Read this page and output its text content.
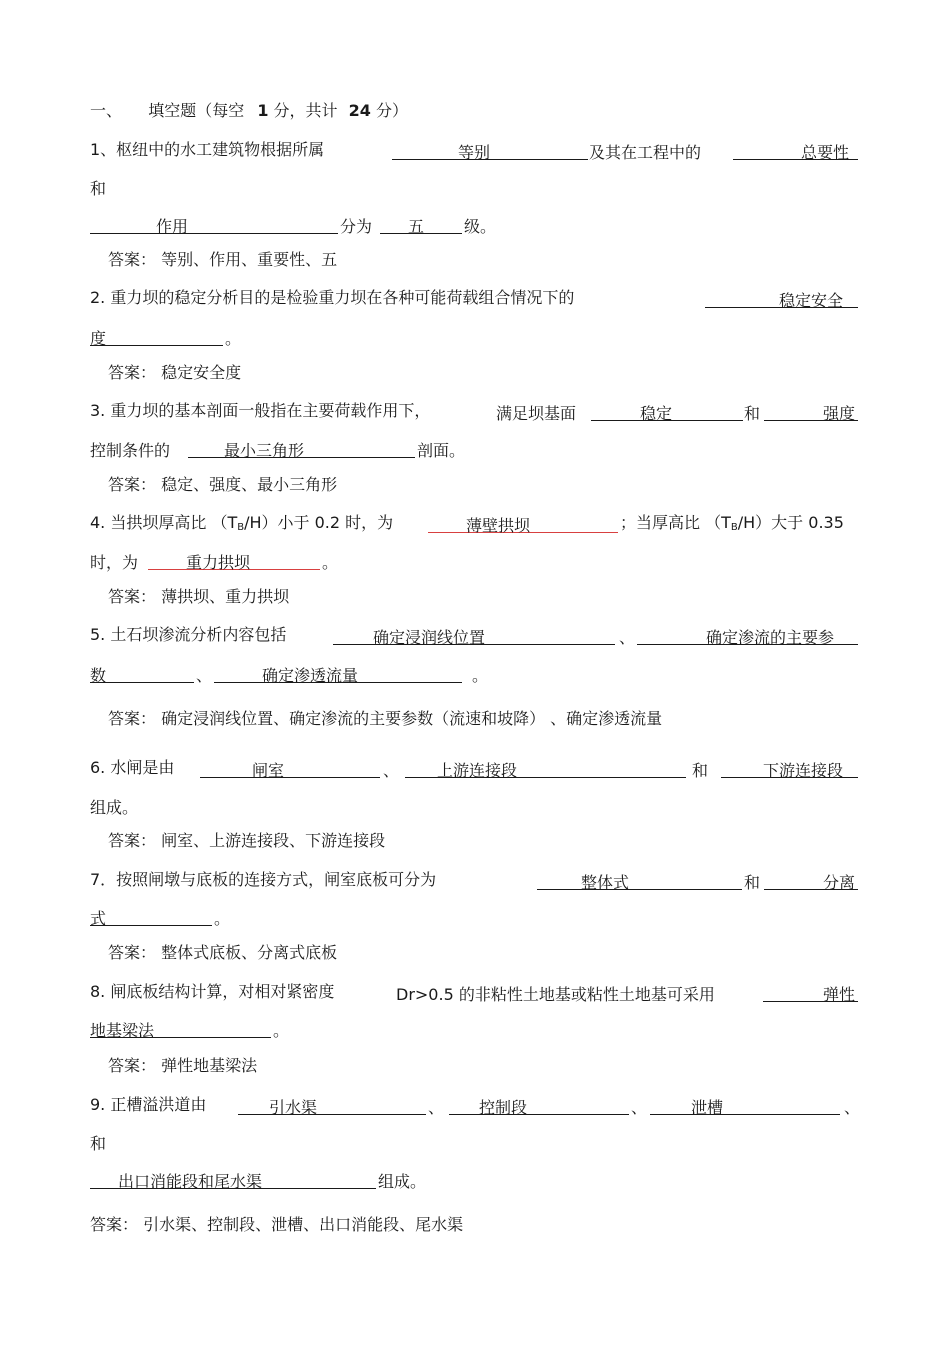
一、 填空题（每空 1 分，共计 24 分）
1、枢纽中的水工建筑物根据所属	等别	及其在工程中的	总要性
和
作用	分为	五	级。
答案： 等别、作用、重要性、五
2. 重力坝的稳定分析目的是检验重力坝在各种可能荷载组合情况下的	稳定安全
度	。
答案： 稳定安全度
3. 重力坝的基本剖面一般指在主要荷载作用下，	满足坝基面	稳定	和	强度
控制条件的	最小三角形	剖面。
答案： 稳定、强度、最小三角形
4. 当拱坝厚高比 $(T_B/H)$小于 0.2 时，为	薄壁拱坝	；当厚高比 $(T_B/H)$大于 0.35
时，为	重力拱坝	。
答案： 薄拱坝、重力拱坝
5. 土石坝渗流分析内容包括	确定浸润线位置	、	确定渗流的主要参
数	、	确定渗透流量	。
答案： 确定浸润线位置、确定渗流的主要参数（流速和坡降） 、确定渗透流量
6. 水闸是由	闸室	、	上游连接段	和	下游连接段
组成。
答案： 闸室、上游连接段、下游连接段
7．按照闸墩与底板的连接方式，闸室底板可分为	整体式	和	分离
式	。
答案： 整体式底板、分离式底板
8. 闸底板结构计算，对相对紧密度	Dr>0.5 的非粘性土地基或粘性土地基可采用	弹性
地基梁法	。
答案： 弹性地基梁法
9. 正槽溢洪道由	引水渠	、	控制段	、	泄槽	、
和
出口消能段和尾水渠	组成。
答案： 引水渠、控制段、泄槽、出口消能段、尾水渠
